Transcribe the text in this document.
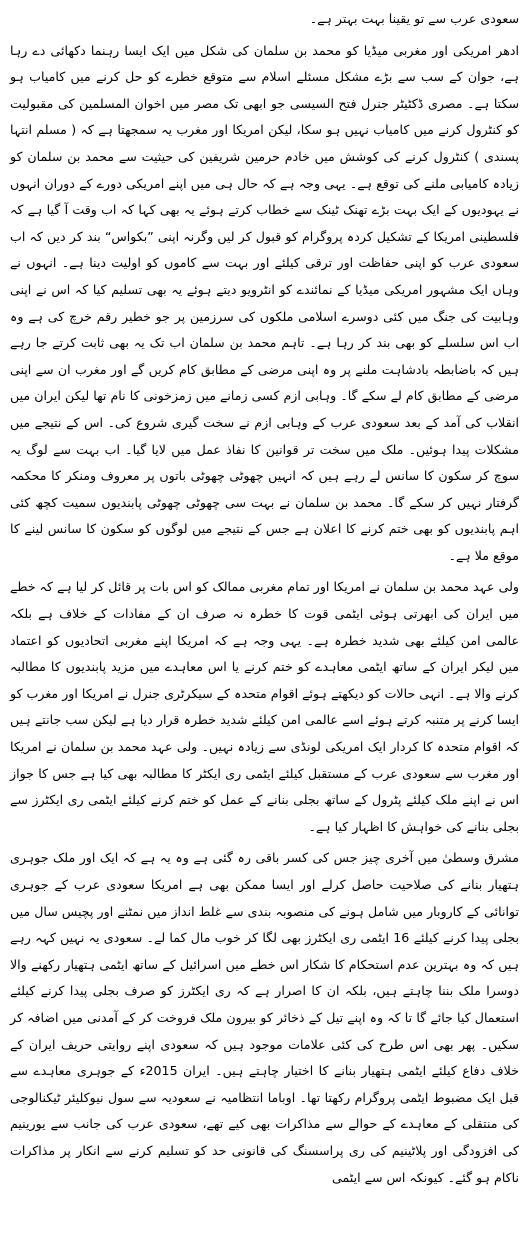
سعودی عرب سے تو یقینا بہت بہتر ہے۔

ادھر امریکی اور مغربی میڈیا کو محمد بن سلمان کی شکل میں ایک ایسا رہنما دکھائی دے رہا ہے، جوان کے سب سے بڑے مشکل مسئلے اسلام سے متوقع خطرے کو حل کرنے میں کامیاب ہو سکتا ہے۔ مصری ڈکٹیٹر جنرل فتح السیسی جو ابھی تک مصر میں اخوان المسلمین کی مقبولیت کو کنٹرول کرنے میں کامیاب نہیں ہو سکا، لیکن امریکا اور مغرب یہ سمجھتا ہے کہ ( مسلم انتہا پسندی ) کنٹرول کرنے کی کوشش میں خادم حرمین شریفین کی حیثیت سے محمد بن سلمان کو زیادہ کامیابی ملنے کی توقع ہے۔ یہی وجہ ہے کہ حال ہی میں اپنے امریکی دورے کے دوران انہوں نے یہودیوں کے ایک بہت بڑے تھنک ٹینک سے خطاب کرتے ہوئے یہ بھی کہا کہ اب وقت آ گیا ہے کہ فلسطینی امریکا کے تشکیل کردہ پروگرام کو قبول کر لیں وگرنہ اپنی ”بکواس“ بند کر دیں کہ اب سعودی عرب کو اپنی حفاظت اور ترقی کیلئے اور بہت سے کاموں کو اولیت دینا ہے۔ انہوں نے وہاں ایک مشہور امریکی میڈیا کے نمائندے کو انٹرویو دیتے ہوئے یہ بھی تسلیم کیا کہ اس نے اپنی وہابیت کی جنگ میں کئی دوسرے اسلامی ملکوں کی سرزمین پر جو خطیر رقم خرچ کی ہے وہ اب اس سلسلے کو بھی بند کر رہا ہے۔ تاہم محمد بن سلمان اب تک یہ بھی ثابت کرتے جا رہے ہیں کہ باضابطہ بادشاہت ملنے پر وہ اپنی مرضی کے مطابق کام کریں گے اور مغرب ان سے اپنی مرضی کے مطابق کام لے سکے گا۔ وہابی ازم کسی زمانے میں زمزخونی کا نام تھا لیکن ایران میں انقلاب کی آمد کے بعد سعودی عرب کے وہابی ازم نے سخت گیری شروع کی۔ اس کے نتیجے میں مشکلات پیدا ہوئیں۔ ملک میں سخت تر قوانین کا نفاذ عمل میں لایا گیا۔ اب بہت سے لوگ یہ سوچ کر سکون کا سانس لے رہے ہیں کہ انہیں چھوٹی چھوٹی باتوں پر معروف ومنکر کا محکمہ گرفتار نہیں کر سکے گا۔ محمد بن سلمان نے بہت سی چھوٹی چھوٹی پابندیوں سمیت کچھ کئی اہم پابندیوں کو بھی ختم کرنے کا اعلان ہے جس کے نتیجے میں لوگوں کو سکون کا سانس لینے کا موقع ملا ہے۔

ولی عہد محمد بن سلمان نے امریکا اور تمام مغربی ممالک کو اس بات پر قائل کر لیا ہے کہ خطے میں ایران کی ابھرتی ہوئی ایٹمی قوت کا خطرہ نہ صرف ان کے مفادات کے خلاف ہے بلکہ عالمی امن کیلئے بھی شدید خطرہ ہے۔ یہی وجہ ہے کہ امریکا اپنے مغربی اتحادیوں کو اعتماد میں لیکر ایران کے ساتھ ایٹمی معاہدے کو ختم کرنے یا اس معاہدے میں مزید پابندیوں کا مطالبہ کرنے والا ہے۔ انہی حالات کو دیکھتے ہوئے اقوام متحدہ کے سیکرٹری جنرل نے امریکا اور مغرب کو ایسا کرنے پر متنبہ کرتے ہوئے اسے عالمی امن کیلئے شدید خطرہ قرار دیا ہے لیکن سب جانتے ہیں کہ اقوام متحدہ کا کردار ایک امریکی لونڈی سے زیادہ نہیں۔ ولی عہد محمد بن سلمان نے امریکا اور مغرب سے سعودی عرب کے مستقبل کیلئے ایٹمی ری ایکٹر کا مطالبہ بھی کیا ہے جس کا جواز اس نے اپنے ملک کیلئے پٹرول کے ساتھ بجلی بنانے کے عمل کو ختم کرنے کیلئے ایٹمی ری ایکٹرز سے بجلی بنانے کی خواہش کا اظہار کیا ہے۔

مشرق وسطیٰ میں آخری چیز جس کی کسر باقی رہ گئی ہے وہ یہ ہے کہ ایک اور ملک جوہری ہتھیار بنانے کی صلاحیت حاصل کرلے اور ایسا ممکن بھی ہے امریکا سعودی عرب کے جوہری توانائی کے کاروبار میں شامل ہونے کی منصوبہ بندی سے غلط انداز میں نمٹنے اور پچیس سال میں بجلی پیدا کرنے کیلئے 16 ایٹمی ری ایکٹرز بھی لگا کر خوب مال کما لے۔ سعودی یہ نہیں کہہ رہے ہیں کہ وہ بہترین عدم استحکام کا شکار اس خطے میں اسرائیل کے ساتھ ایٹمی ہتھیار رکھنے والا دوسرا ملک بننا چاہتے ہیں، بلکہ ان کا اصرار ہے کہ ری ایکٹرز کو صرف بجلی پیدا کرنے کیلئے استعمال کیا جائے گا تا کہ وہ اپنے تیل کے ذخائر کو بیرون ملک فروخت کر کے آمدنی میں اضافہ کر سکیں۔ پھر بھی اس طرح کی کئی علامات موجود ہیں کہ سعودی اپنے روایتی حریف ایران کے خلاف دفاع کیلئے ایٹمی ہتھیار بنانے کا اختیار چاہتے ہیں۔ ایران 2015ء کے جوہری معاہدے سے قبل ایک مضبوط ایٹمی پروگرام رکھتا تھا۔ اوباما انتظامیہ نے سعودیہ سے سول نیوکلیئر ٹیکنالوجی کی منتقلی کے معاہدے کے حوالے سے مذاکرات بھی کیے تھے، سعودی عرب کی جانب سے یورینیم کی افزودگی اور پلاٹینیم کی ری پراسسنگ کی قانونی حد کو تسلیم کرنے سے انکار پر مذاکرات ناکام ہو گئے۔ کیونکہ اس سے ایٹمی
